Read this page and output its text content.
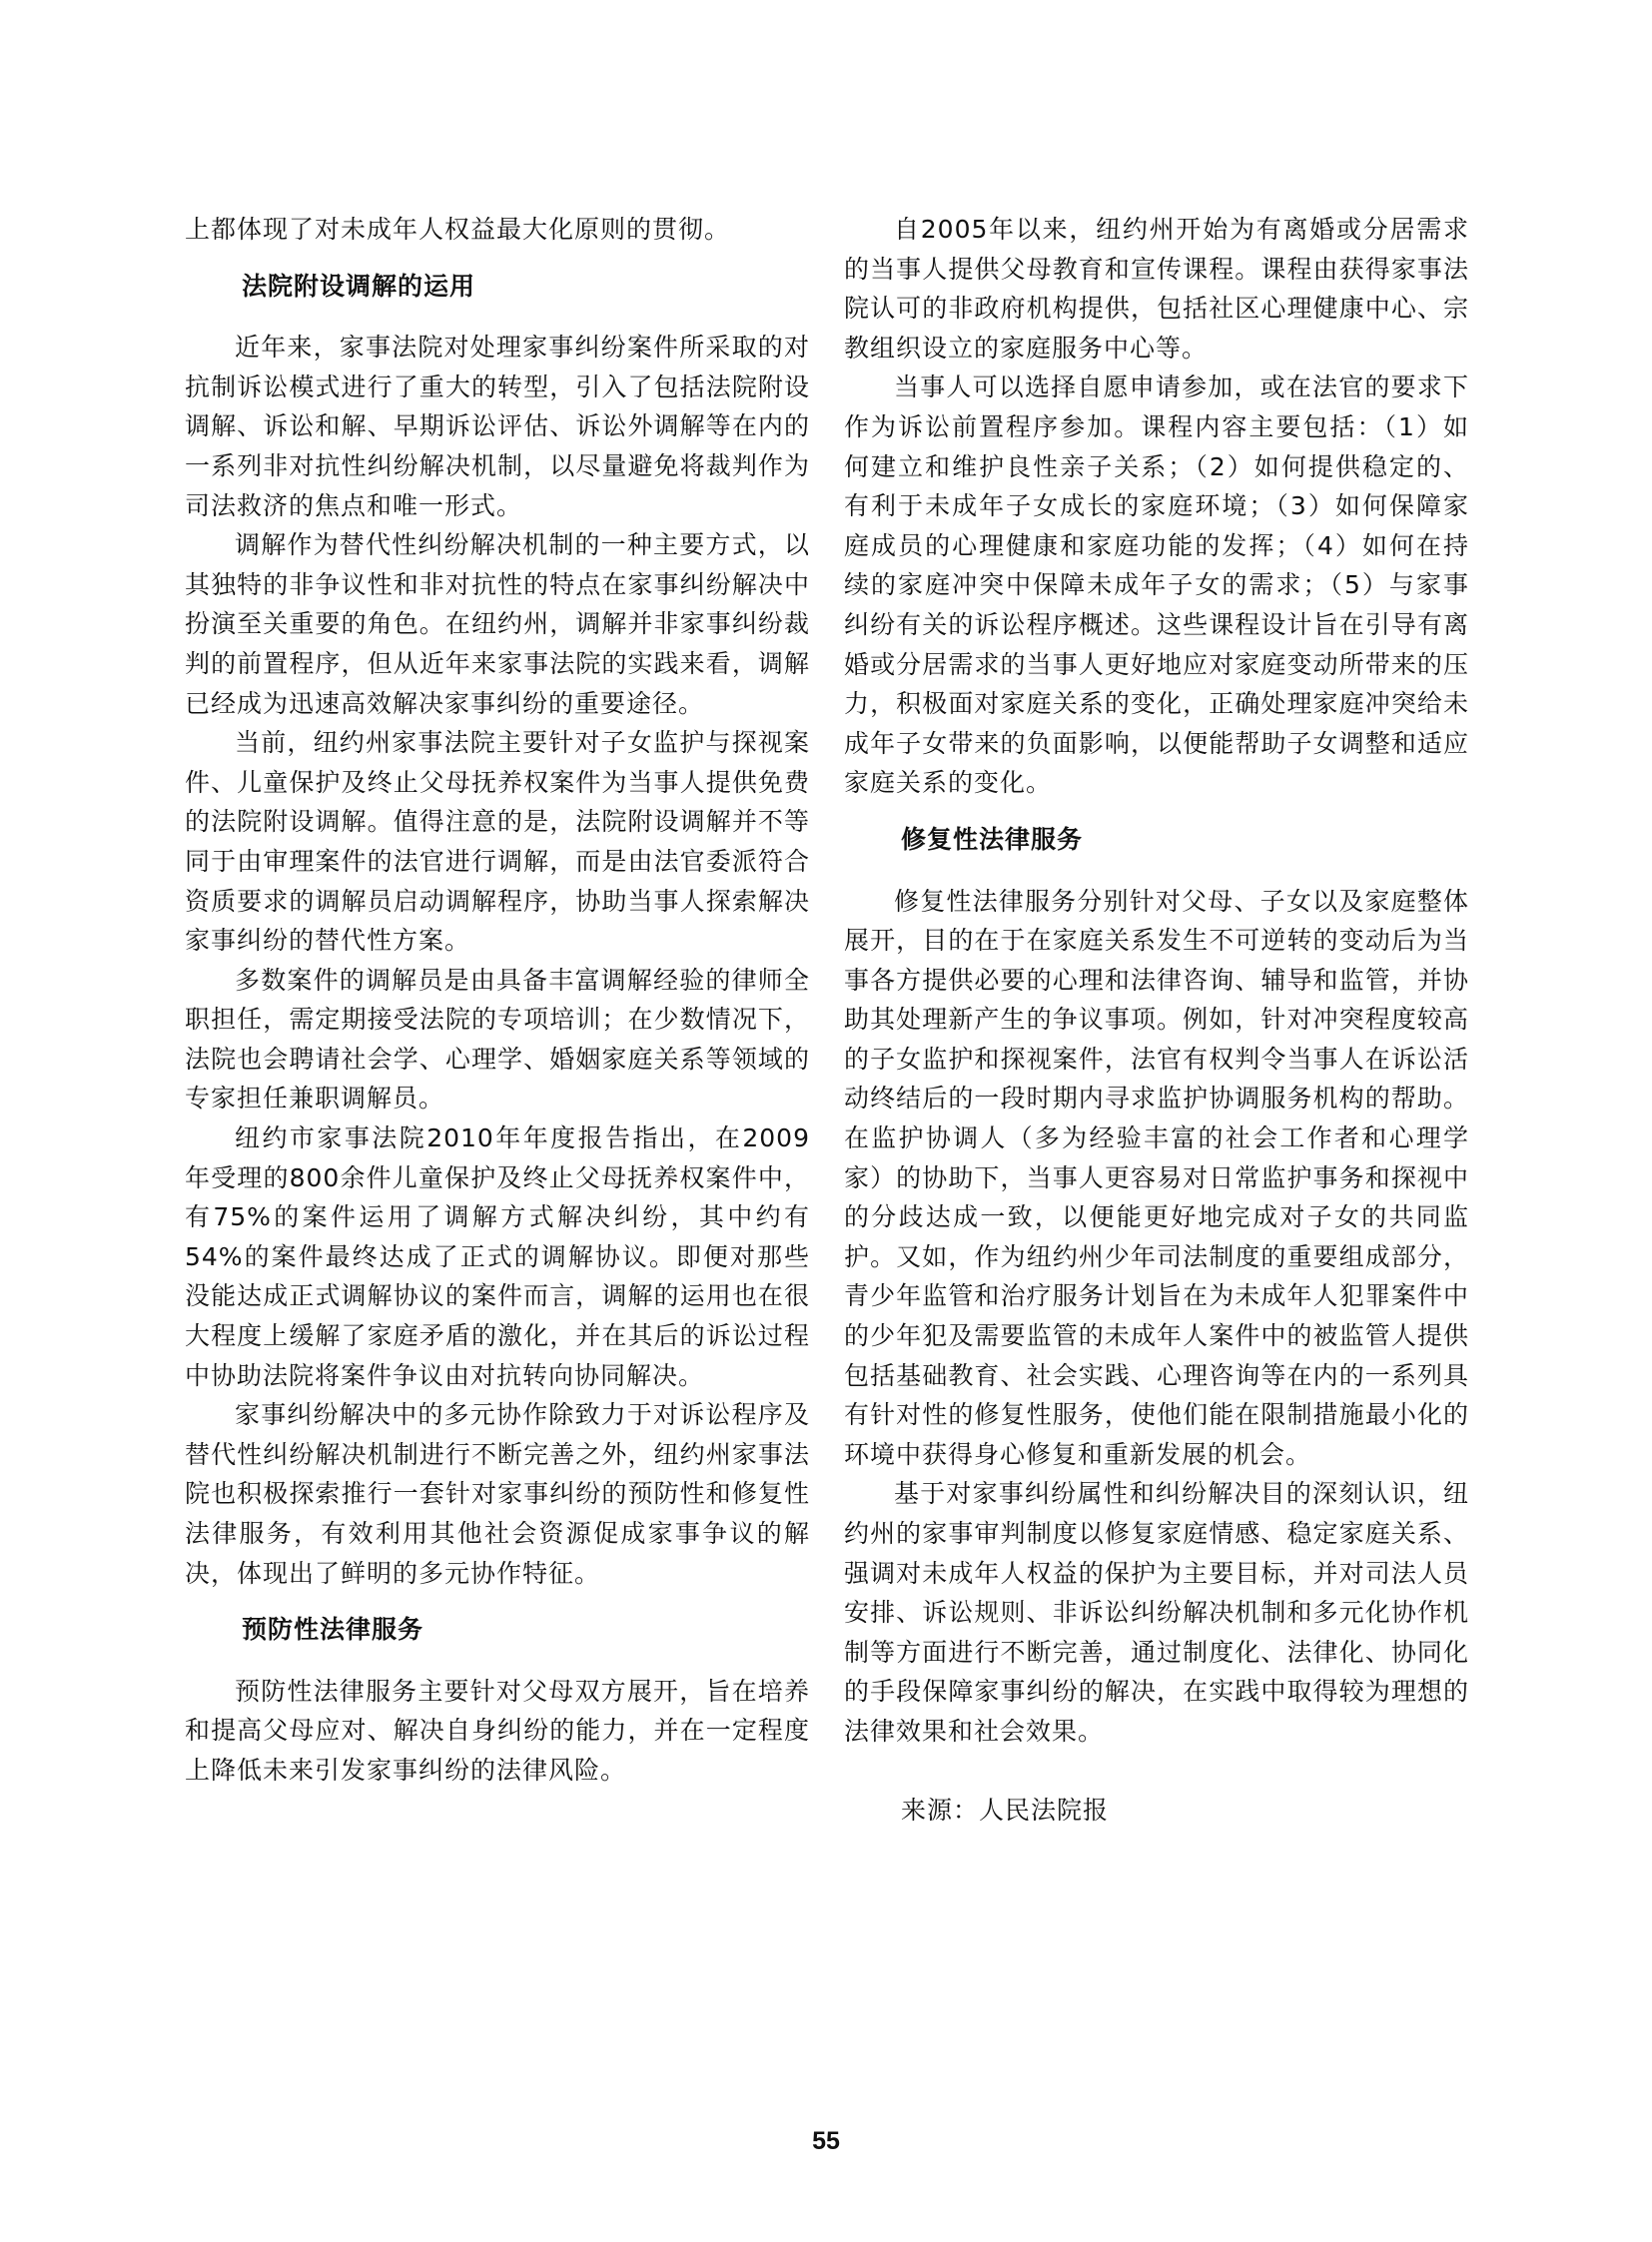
上都体现了对未成年人权益最大化原则的贯彻。

法院附设调解的运用

近年来，家事法院对处理家事纠纷案件所采取的对抗制诉讼模式进行了重大的转型，引入了包括法院附设调解、诉讼和解、早期诉讼评估、诉讼外调解等在内的一系列非对抗性纠纷解决机制，以尽量避免将裁判作为司法救济的焦点和唯一形式。

调解作为替代性纠纷解决机制的一种主要方式，以其独特的非争议性和非对抗性的特点在家事纠纷解决中扮演至关重要的角色。在纽约州，调解并非家事纠纷裁判的前置程序，但从近年来家事法院的实践来看，调解已经成为迅速高效解决家事纠纷的重要途径。

当前，纽约州家事法院主要针对子女监护与探视案件、儿童保护及终止父母抚养权案件为当事人提供免费的法院附设调解。值得注意的是，法院附设调解并不等同于由审理案件的法官进行调解，而是由法官委派符合资质要求的调解员启动调解程序，协助当事人探索解决家事纠纷的替代性方案。

多数案件的调解员是由具备丰富调解经验的律师全职担任，需定期接受法院的专项培训；在少数情况下，法院也会聘请社会学、心理学、婚姻家庭关系等领域的专家担任兼职调解员。

纽约市家事法院2010年年度报告指出，在2009年受理的800余件儿童保护及终止父母抚养权案件中，有75%的案件运用了调解方式解决纠纷，其中约有54%的案件最终达成了正式的调解协议。即便对那些没能达成正式调解协议的案件而言，调解的运用也在很大程度上缓解了家庭矛盾的激化，并在其后的诉讼过程中协助法院将案件争议由对抗转向协同解决。

家事纠纷解决中的多元协作除致力于对诉讼程序及替代性纠纷解决机制进行不断完善之外，纽约州家事法院也积极探索推行一套针对家事纠纷的预防性和修复性法律服务，有效利用其他社会资源促成家事争议的解决，体现出了鲜明的多元协作特征。

预防性法律服务

预防性法律服务主要针对父母双方展开，旨在培养和提高父母应对、解决自身纠纷的能力，并在一定程度上降低未来引发家事纠纷的法律风险。

自2005年以来，纽约州开始为有离婚或分居需求的当事人提供父母教育和宣传课程。课程由获得家事法院认可的非政府机构提供，包括社区心理健康中心、宗教组织设立的家庭服务中心等。

当事人可以选择自愿申请参加，或在法官的要求下作为诉讼前置程序参加。课程内容主要包括：（1）如何建立和维护良性亲子关系；（2）如何提供稳定的、有利于未成年子女成长的家庭环境；（3）如何保障家庭成员的心理健康和家庭功能的发挥；（4）如何在持续的家庭冲突中保障未成年子女的需求；（5）与家事纠纷有关的诉讼程序概述。这些课程设计旨在引导有离婚或分居需求的当事人更好地应对家庭变动所带来的压力，积极面对家庭关系的变化，正确处理家庭冲突给未成年子女带来的负面影响，以便能帮助子女调整和适应家庭关系的变化。

修复性法律服务

修复性法律服务分别针对父母、子女以及家庭整体展开，目的在于在家庭关系发生不可逆转的变动后为当事各方提供必要的心理和法律咨询、辅导和监管，并协助其处理新产生的争议事项。例如，针对冲突程度较高的子女监护和探视案件，法官有权判令当事人在诉讼活动终结后的一段时期内寻求监护协调服务机构的帮助。在监护协调人（多为经验丰富的社会工作者和心理学家）的协助下，当事人更容易对日常监护事务和探视中的分歧达成一致，以便能更好地完成对子女的共同监护。又如，作为纽约州少年司法制度的重要组成部分，青少年监管和治疗服务计划旨在为未成年人犯罪案件中的少年犯及需要监管的未成年人案件中的被监管人提供包括基础教育、社会实践、心理咨询等在内的一系列具有针对性的修复性服务，使他们能在限制措施最小化的环境中获得身心修复和重新发展的机会。

基于对家事纠纷属性和纠纷解决目的深刻认识，纽约州的家事审判制度以修复家庭情感、稳定家庭关系、强调对未成年人权益的保护为主要目标，并对司法人员安排、诉讼规则、非诉讼纠纷解决机制和多元化协作机制等方面进行不断完善，通过制度化、法律化、协同化的手段保障家事纠纷的解决，在实践中取得较为理想的法律效果和社会效果。

来源：人民法院报
55
